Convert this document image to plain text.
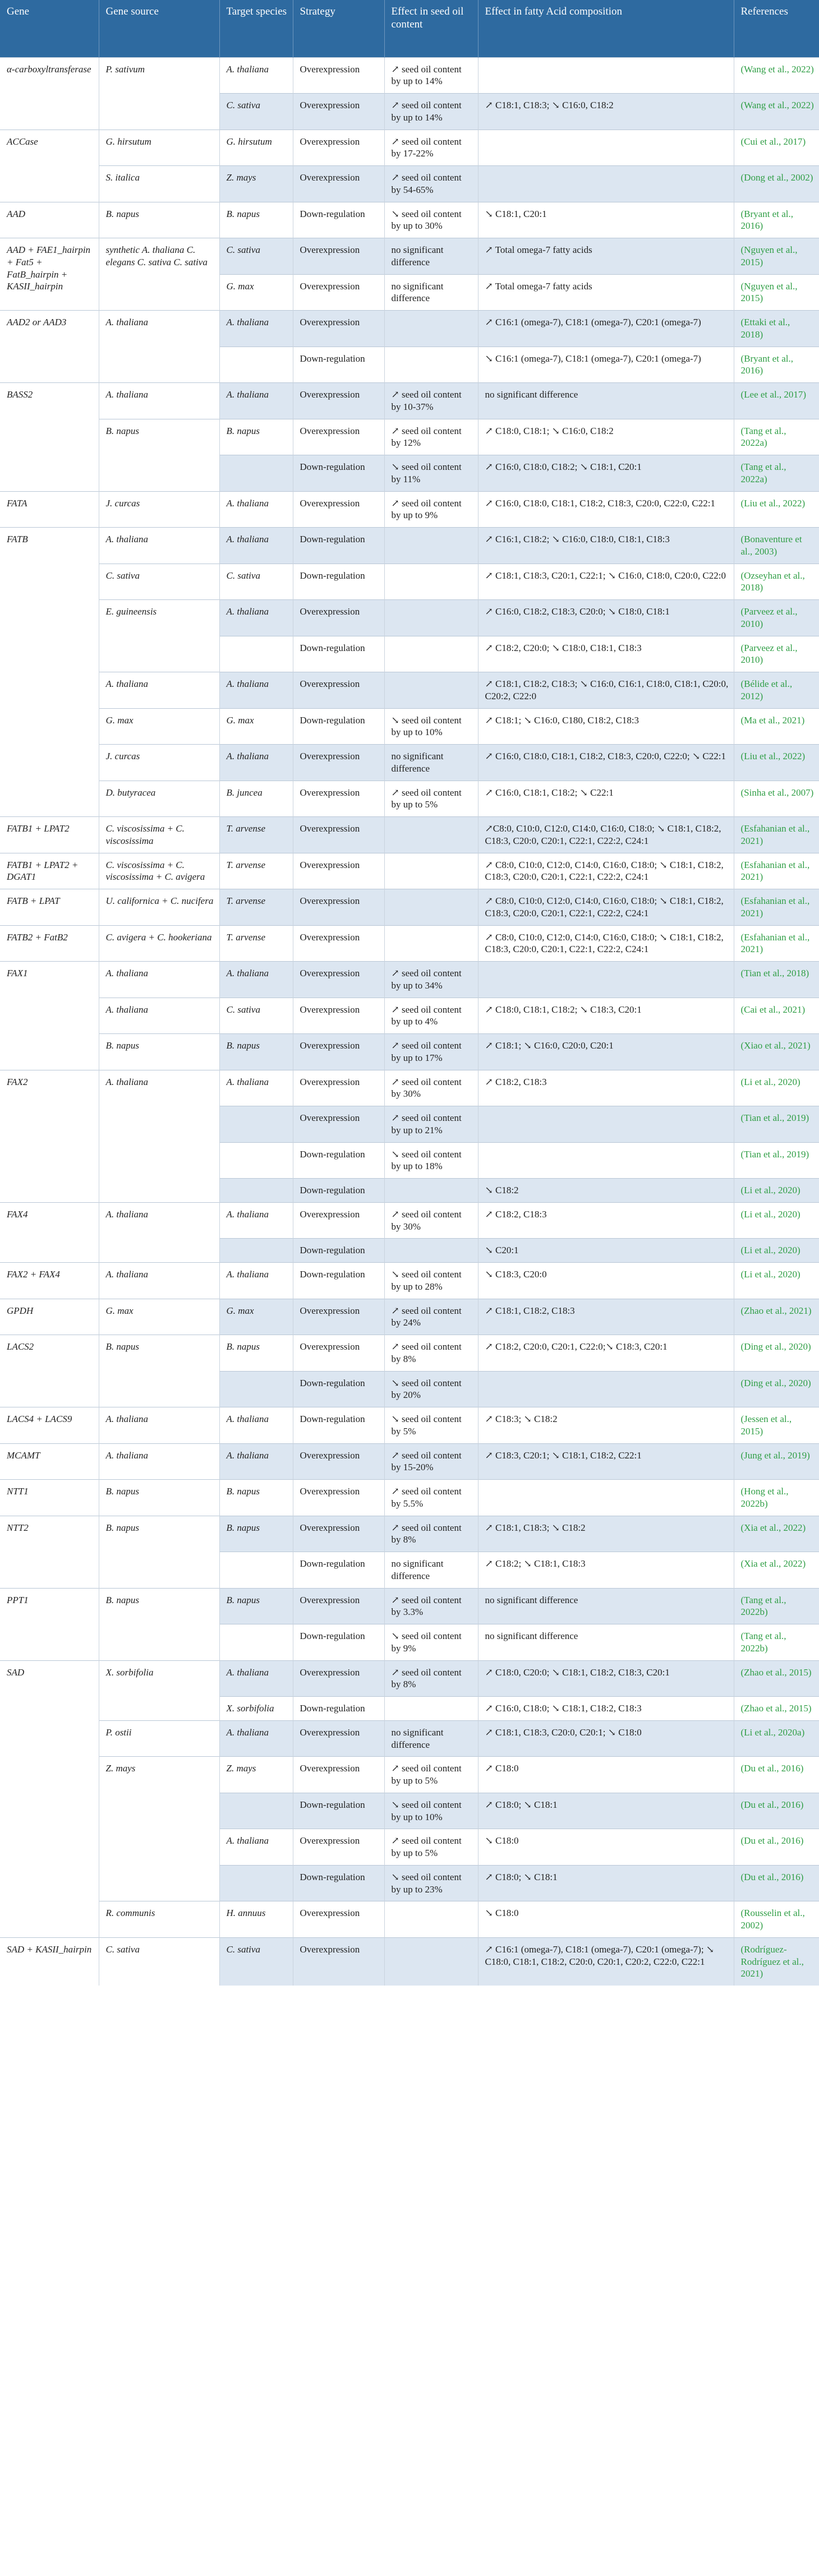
Gene	Gene source	Target species	Strategy	Effect in seed oil content	Effect in fatty Acid composition	References
α-carboxyltransferase	P. sativum	A. thaliana	Overexpression	↗ seed oil content by up to 14%		(Wang et al., 2022)
		C. sativa	Overexpression	↗ seed oil content by up to 14%	↗ C18:1, C18:3; ↘ C16:0, C18:2	(Wang et al., 2022)
ACCase	G. hirsutum	G. hirsutum	Overexpression	↗ seed oil content by 17-22%		(Cui et al., 2017)
	S. italica	Z. mays	Overexpression	↗ seed oil content by 54-65%		(Dong et al., 2002)
AAD	B. napus	B. napus	Down-regulation	↘ seed oil content by up to 30%	↘ C18:1, C20:1	(Bryant et al., 2016)
AAD + FAE1_hairpin + Fat5 + FatB_hairpin + KASII_hairpin	synthetic A. thaliana C. elegans C. sativa C. sativa	C. sativa	Overexpression	no significant difference	↗ Total omega-7 fatty acids	(Nguyen et al., 2015)
		G. max	Overexpression	no significant difference	↗ Total omega-7 fatty acids	(Nguyen et al., 2015)
AAD2 or AAD3	A. thaliana	A. thaliana	Overexpression		↗ C16:1 (omega-7), C18:1 (omega-7), C20:1 (omega-7)	(Ettaki et al., 2018)
			Down-regulation		↘ C16:1 (omega-7), C18:1 (omega-7), C20:1 (omega-7)	(Bryant et al., 2016)
BASS2	A. thaliana	A. thaliana	Overexpression	↗ seed oil content by 10-37%	no significant difference	(Lee et al., 2017)
	B. napus	B. napus	Overexpression	↗ seed oil content by 12%	↗ C18:0, C18:1; ↘ C16:0, C18:2	(Tang et al., 2022a)
			Down-regulation	↘ seed oil content by 11%	↗ C16:0, C18:0, C18:2; ↘ C18:1, C20:1	(Tang et al., 2022a)
FATA	J. curcas	A. thaliana	Overexpression	↗ seed oil content by up to 9%	↗ C16:0, C18:0, C18:1, C18:2, C18:3, C20:0, C22:0, C22:1	(Liu et al., 2022)
FATB	A. thaliana	A. thaliana	Down-regulation		↗ C16:1, C18:2; ↘ C16:0, C18:0, C18:1, C18:3	(Bonaventure et al., 2003)
	C. sativa	C. sativa	Down-regulation		↗ C18:1, C18:3, C20:1, C22:1; ↘ C16:0, C18:0, C20:0, C22:0	(Ozseyhan et al., 2018)
	E. guineensis	A. thaliana	Overexpression		↗ C16:0, C18:2, C18:3, C20:0; ↘ C18:0, C18:1	(Parveez et al., 2010)
			Down-regulation		↗ C18:2, C20:0; ↘ C18:0, C18:1, C18:3	(Parveez et al., 2010)
	A. thaliana	A. thaliana	Overexpression		↗ C18:1, C18:2, C18:3; ↘ C16:0, C16:1, C18:0, C18:1, C20:0, C20:2, C22:0	(Bélide et al., 2012)
	G. max	G. max	Down-regulation	↘ seed oil content by up to 10%	↗ C18:1; ↘ C16:0, C180, C18:2, C18:3	(Ma et al., 2021)
	J. curcas	A. thaliana	Overexpression	no significant difference	↗ C16:0, C18:0, C18:1, C18:2, C18:3, C20:0, C22:0; ↘ C22:1	(Liu et al., 2022)
	D. butyracea	B. juncea	Overexpression	↗ seed oil content by up to 5%	↗ C16:0, C18:1, C18:2; ↘ C22:1	(Sinha et al., 2007)
FATB1 + LPAT2	C. viscosissima + C. viscosissima	T. arvense	Overexpression		↗C8:0, C10:0, C12:0, C14:0, C16:0, C18:0; ↘ C18:1, C18:2, C18:3, C20:0, C20:1, C22:1, C22:2, C24:1	(Esfahanian et al., 2021)
FATB1 + LPAT2 + DGAT1	C. viscosissima + C. viscosissima + C. avigera	T. arvense	Overexpression		↗ C8:0, C10:0, C12:0, C14:0, C16:0, C18:0; ↘ C18:1, C18:2, C18:3, C20:0, C20:1, C22:1, C22:2, C24:1	(Esfahanian et al., 2021)
FATB + LPAT	U. californica + C. nucifera	T. arvense	Overexpression		↗ C8:0, C10:0, C12:0, C14:0, C16:0, C18:0; ↘ C18:1, C18:2, C18:3, C20:0, C20:1, C22:1, C22:2, C24:1	(Esfahanian et al., 2021)
FATB2 + FatB2	C. avigera + C. hookeriana	T. arvense	Overexpression		↗ C8:0, C10:0, C12:0, C14:0, C16:0, C18:0; ↘ C18:1, C18:2, C18:3, C20:0, C20:1, C22:1, C22:2, C24:1	(Esfahanian et al., 2021)
FAX1	A. thaliana	A. thaliana	Overexpression	↗ seed oil content by up to 34%		(Tian et al., 2018)
	A. thaliana	C. sativa	Overexpression	↗ seed oil content by up to 4%	↗ C18:0, C18:1, C18:2; ↘ C18:3, C20:1	(Cai et al., 2021)
	B. napus	B. napus	Overexpression	↗ seed oil content by up to 17%	↗ C18:1; ↘ C16:0, C20:0, C20:1	(Xiao et al., 2021)
FAX2	A. thaliana	A. thaliana	Overexpression	↗ seed oil content by 30%	↗ C18:2, C18:3	(Li et al., 2020)
			Overexpression	↗ seed oil content by up to 21%		(Tian et al., 2019)
			Down-regulation	↘ seed oil content by up to 18%		(Tian et al., 2019)
			Down-regulation		↘ C18:2	(Li et al., 2020)
FAX4	A. thaliana	A. thaliana	Overexpression	↗ seed oil content by 30%	↗ C18:2, C18:3	(Li et al., 2020)
			Down-regulation		↘ C20:1	(Li et al., 2020)
FAX2 + FAX4	A. thaliana	A. thaliana	Down-regulation	↘ seed oil content by up to 28%	↘ C18:3, C20:0	(Li et al., 2020)
GPDH	G. max	G. max	Overexpression	↗ seed oil content by 24%	↗ C18:1, C18:2, C18:3	(Zhao et al., 2021)
LACS2	B. napus	B. napus	Overexpression	↗ seed oil content by 8%	↗ C18:2, C20:0, C20:1, C22:0;↘ C18:3, C20:1	(Ding et al., 2020)
			Down-regulation	↘ seed oil content by 20%		(Ding et al., 2020)
LACS4 + LACS9	A. thaliana	A. thaliana	Down-regulation	↘ seed oil content by 5%	↗ C18:3; ↘ C18:2	(Jessen et al., 2015)
MCAMT	A. thaliana	A. thaliana	Overexpression	↗ seed oil content by 15-20%	↗ C18:3, C20:1; ↘ C18:1, C18:2, C22:1	(Jung et al., 2019)
NTT1	B. napus	B. napus	Overexpression	↗ seed oil content by 5.5%		(Hong et al., 2022b)
NTT2	B. napus	B. napus	Overexpression	↗ seed oil content by 8%	↗ C18:1, C18:3; ↘ C18:2	(Xia et al., 2022)
			Down-regulation	no significant difference	↗ C18:2; ↘ C18:1, C18:3	(Xia et al., 2022)
PPT1	B. napus	B. napus	Overexpression	↗ seed oil content by 3.3%	no significant difference	(Tang et al., 2022b)
			Down-regulation	↘ seed oil content by 9%	no significant difference	(Tang et al., 2022b)
SAD	X. sorbifolia	A. thaliana	Overexpression	↗ seed oil content by 8%	↗ C18:0, C20:0; ↘ C18:1, C18:2, C18:3, C20:1	(Zhao et al., 2015)
		X. sorbifolia	Down-regulation		↗ C16:0, C18:0; ↘ C18:1, C18:2, C18:3	(Zhao et al., 2015)
	P. ostii	A. thaliana	Overexpression	no significant difference	↗ C18:1, C18:3, C20:0, C20:1; ↘ C18:0	(Li et al., 2020a)
	Z. mays	Z. mays	Overexpression	↗ seed oil content by up to 5%	↗ C18:0	(Du et al., 2016)
			Down-regulation	↘ seed oil content by up to 10%	↗ C18:0; ↘ C18:1	(Du et al., 2016)
		A. thaliana	Overexpression	↗ seed oil content by up to 5%	↘ C18:0	(Du et al., 2016)
			Down-regulation	↘ seed oil content by up to 23%	↗ C18:0; ↘ C18:1	(Du et al., 2016)
	R. communis	H. annuus	Overexpression		↘ C18:0	(Rousselin et al., 2002)
SAD + KASII_hairpin	C. sativa	C. sativa	Overexpression		↗ C16:1 (omega-7), C18:1 (omega-7), C20:1 (omega-7); ↘ C18:0, C18:1, C18:2, C20:0, C20:1, C20:2, C22:0, C22:1	(Rodríguez-Rodríguez et al., 2021)
